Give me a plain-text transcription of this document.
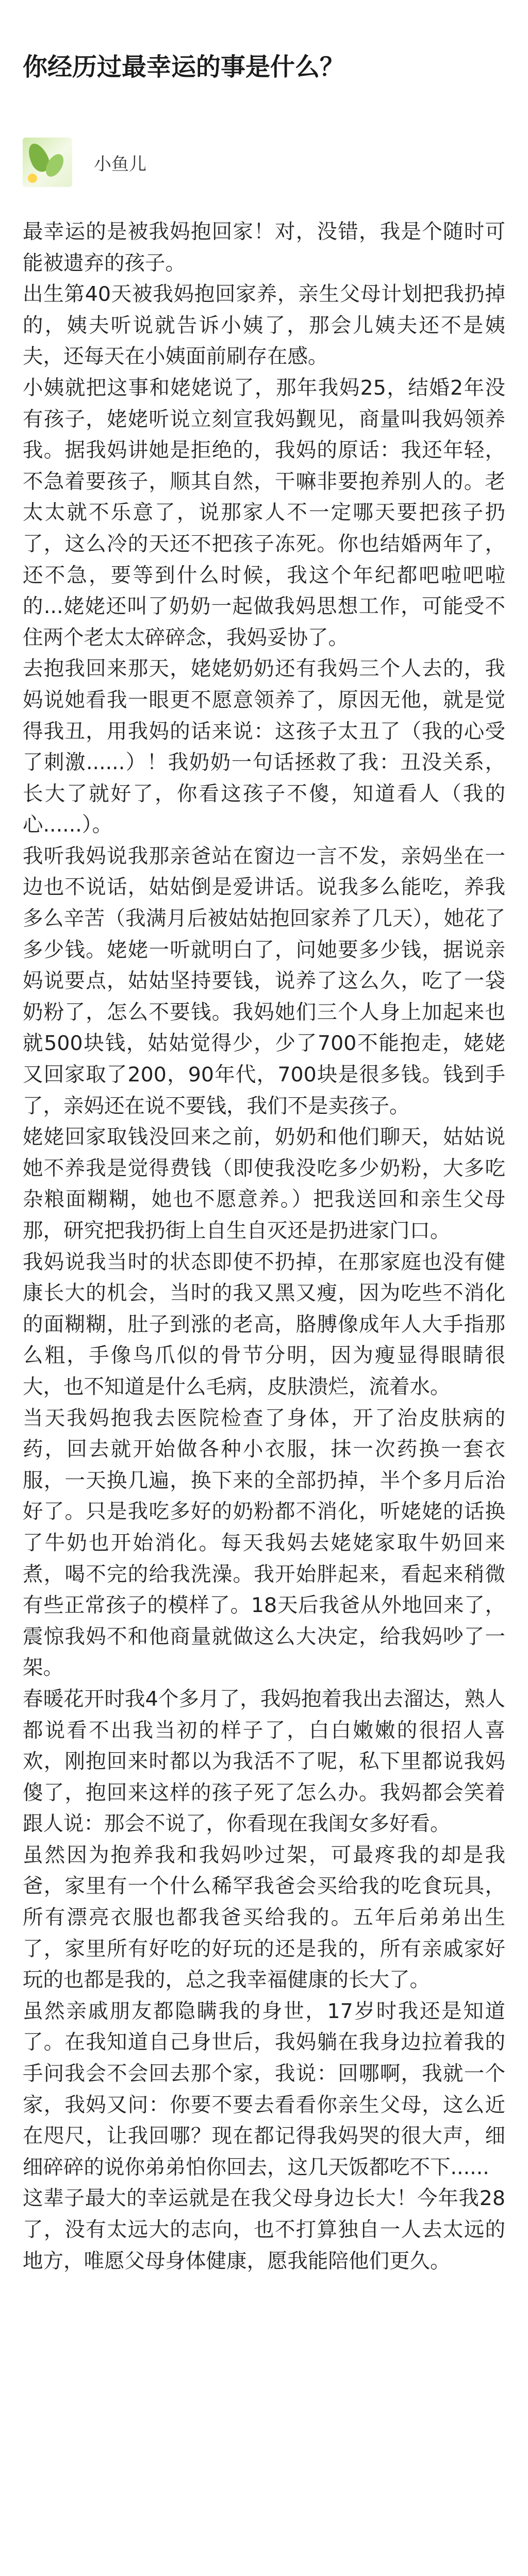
你经历过最幸运的事是什么？
小鱼儿

最幸运的是被我妈抱回家！对，没错，我是个随时可能被遗弃的孩子。

出生第40天被我妈抱回家养，亲生父母计划把我扔掉的，姨夫听说就告诉小姨了，那会儿姨夫还不是姨夫，还每天在小姨面前刷存在感。

小姨就把这事和姥姥说了，那年我妈25，结婚2年没有孩子，姥姥听说立刻宣我妈觐见，商量叫我妈领养我。据我妈讲她是拒绝的，我妈的原话：我还年轻，不急着要孩子，顺其自然，干嘛非要抱养别人的。老太太就不乐意了，说那家人不一定哪天要把孩子扔了，这么冷的天还不把孩子冻死。你也结婚两年了，还不急，要等到什么时候，我这个年纪都吧啦吧啦的...姥姥还叫了奶奶一起做我妈思想工作，可能受不住两个老太太碎碎念，我妈妥协了。

去抱我回来那天，姥姥奶奶还有我妈三个人去的，我妈说她看我一眼更不愿意领养了，原因无他，就是觉得我丑，用我妈的话来说：这孩子太丑了（我的心受了刺激......）！我奶奶一句话拯救了我：丑没关系，长大了就好了，你看这孩子不傻，知道看人（我的心......）。

我听我妈说我那亲爸站在窗边一言不发，亲妈坐在一边也不说话，姑姑倒是爱讲话。说我多么能吃，养我多么辛苦（我满月后被姑姑抱回家养了几天），她花了多少钱。姥姥一听就明白了，问她要多少钱，据说亲妈说要点，姑姑坚持要钱，说养了这么久，吃了一袋奶粉了，怎么不要钱。我妈她们三个人身上加起来也就500块钱，姑姑觉得少，少了700不能抱走，姥姥又回家取了200，90年代，700块是很多钱。钱到手了，亲妈还在说不要钱，我们不是卖孩子。

姥姥回家取钱没回来之前，奶奶和他们聊天，姑姑说她不养我是觉得费钱（即使我没吃多少奶粉，大多吃杂粮面糊糊，她也不愿意养。）把我送回和亲生父母那，研究把我扔街上自生自灭还是扔进家门口。

我妈说我当时的状态即使不扔掉，在那家庭也没有健康长大的机会，当时的我又黑又瘦，因为吃些不消化的面糊糊，肚子到涨的老高，胳膊像成年人大手指那么粗，手像鸟爪似的骨节分明，因为瘦显得眼睛很大，也不知道是什么毛病，皮肤溃烂，流着水。

当天我妈抱我去医院检查了身体，开了治皮肤病的药，回去就开始做各种小衣服，抹一次药换一套衣服，一天换几遍，换下来的全部扔掉，半个多月后治好了。只是我吃多好的奶粉都不消化，听姥姥的话换了牛奶也开始消化。每天我妈去姥姥家取牛奶回来煮，喝不完的给我洗澡。我开始胖起来，看起来稍微有些正常孩子的模样了。18天后我爸从外地回来了，震惊我妈不和他商量就做这么大决定，给我妈吵了一架。

春暖花开时我4个多月了，我妈抱着我出去溜达，熟人都说看不出我当初的样子了，白白嫩嫩的很招人喜欢，刚抱回来时都以为我活不了呢，私下里都说我妈傻了，抱回来这样的孩子死了怎么办。我妈都会笑着跟人说：那会不说了，你看现在我闺女多好看。

虽然因为抱养我和我妈吵过架，可最疼我的却是我爸，家里有一个什么稀罕我爸会买给我的吃食玩具，所有漂亮衣服也都我爸买给我的。五年后弟弟出生了，家里所有好吃的好玩的还是我的，所有亲戚家好玩的也都是我的，总之我幸福健康的长大了。

虽然亲戚朋友都隐瞒我的身世，17岁时我还是知道了。在我知道自己身世后，我妈躺在我身边拉着我的手问我会不会回去那个家，我说：回哪啊，我就一个家，我妈又问：你要不要去看看你亲生父母，这么近在咫尺，让我回哪？现在都记得我妈哭的很大声，细细碎碎的说你弟弟怕你回去，这几天饭都吃不下......

这辈子最大的幸运就是在我父母身边长大！今年我28了，没有太远大的志向，也不打算独自一人去太远的地方，唯愿父母身体健康，愿我能陪他们更久。
